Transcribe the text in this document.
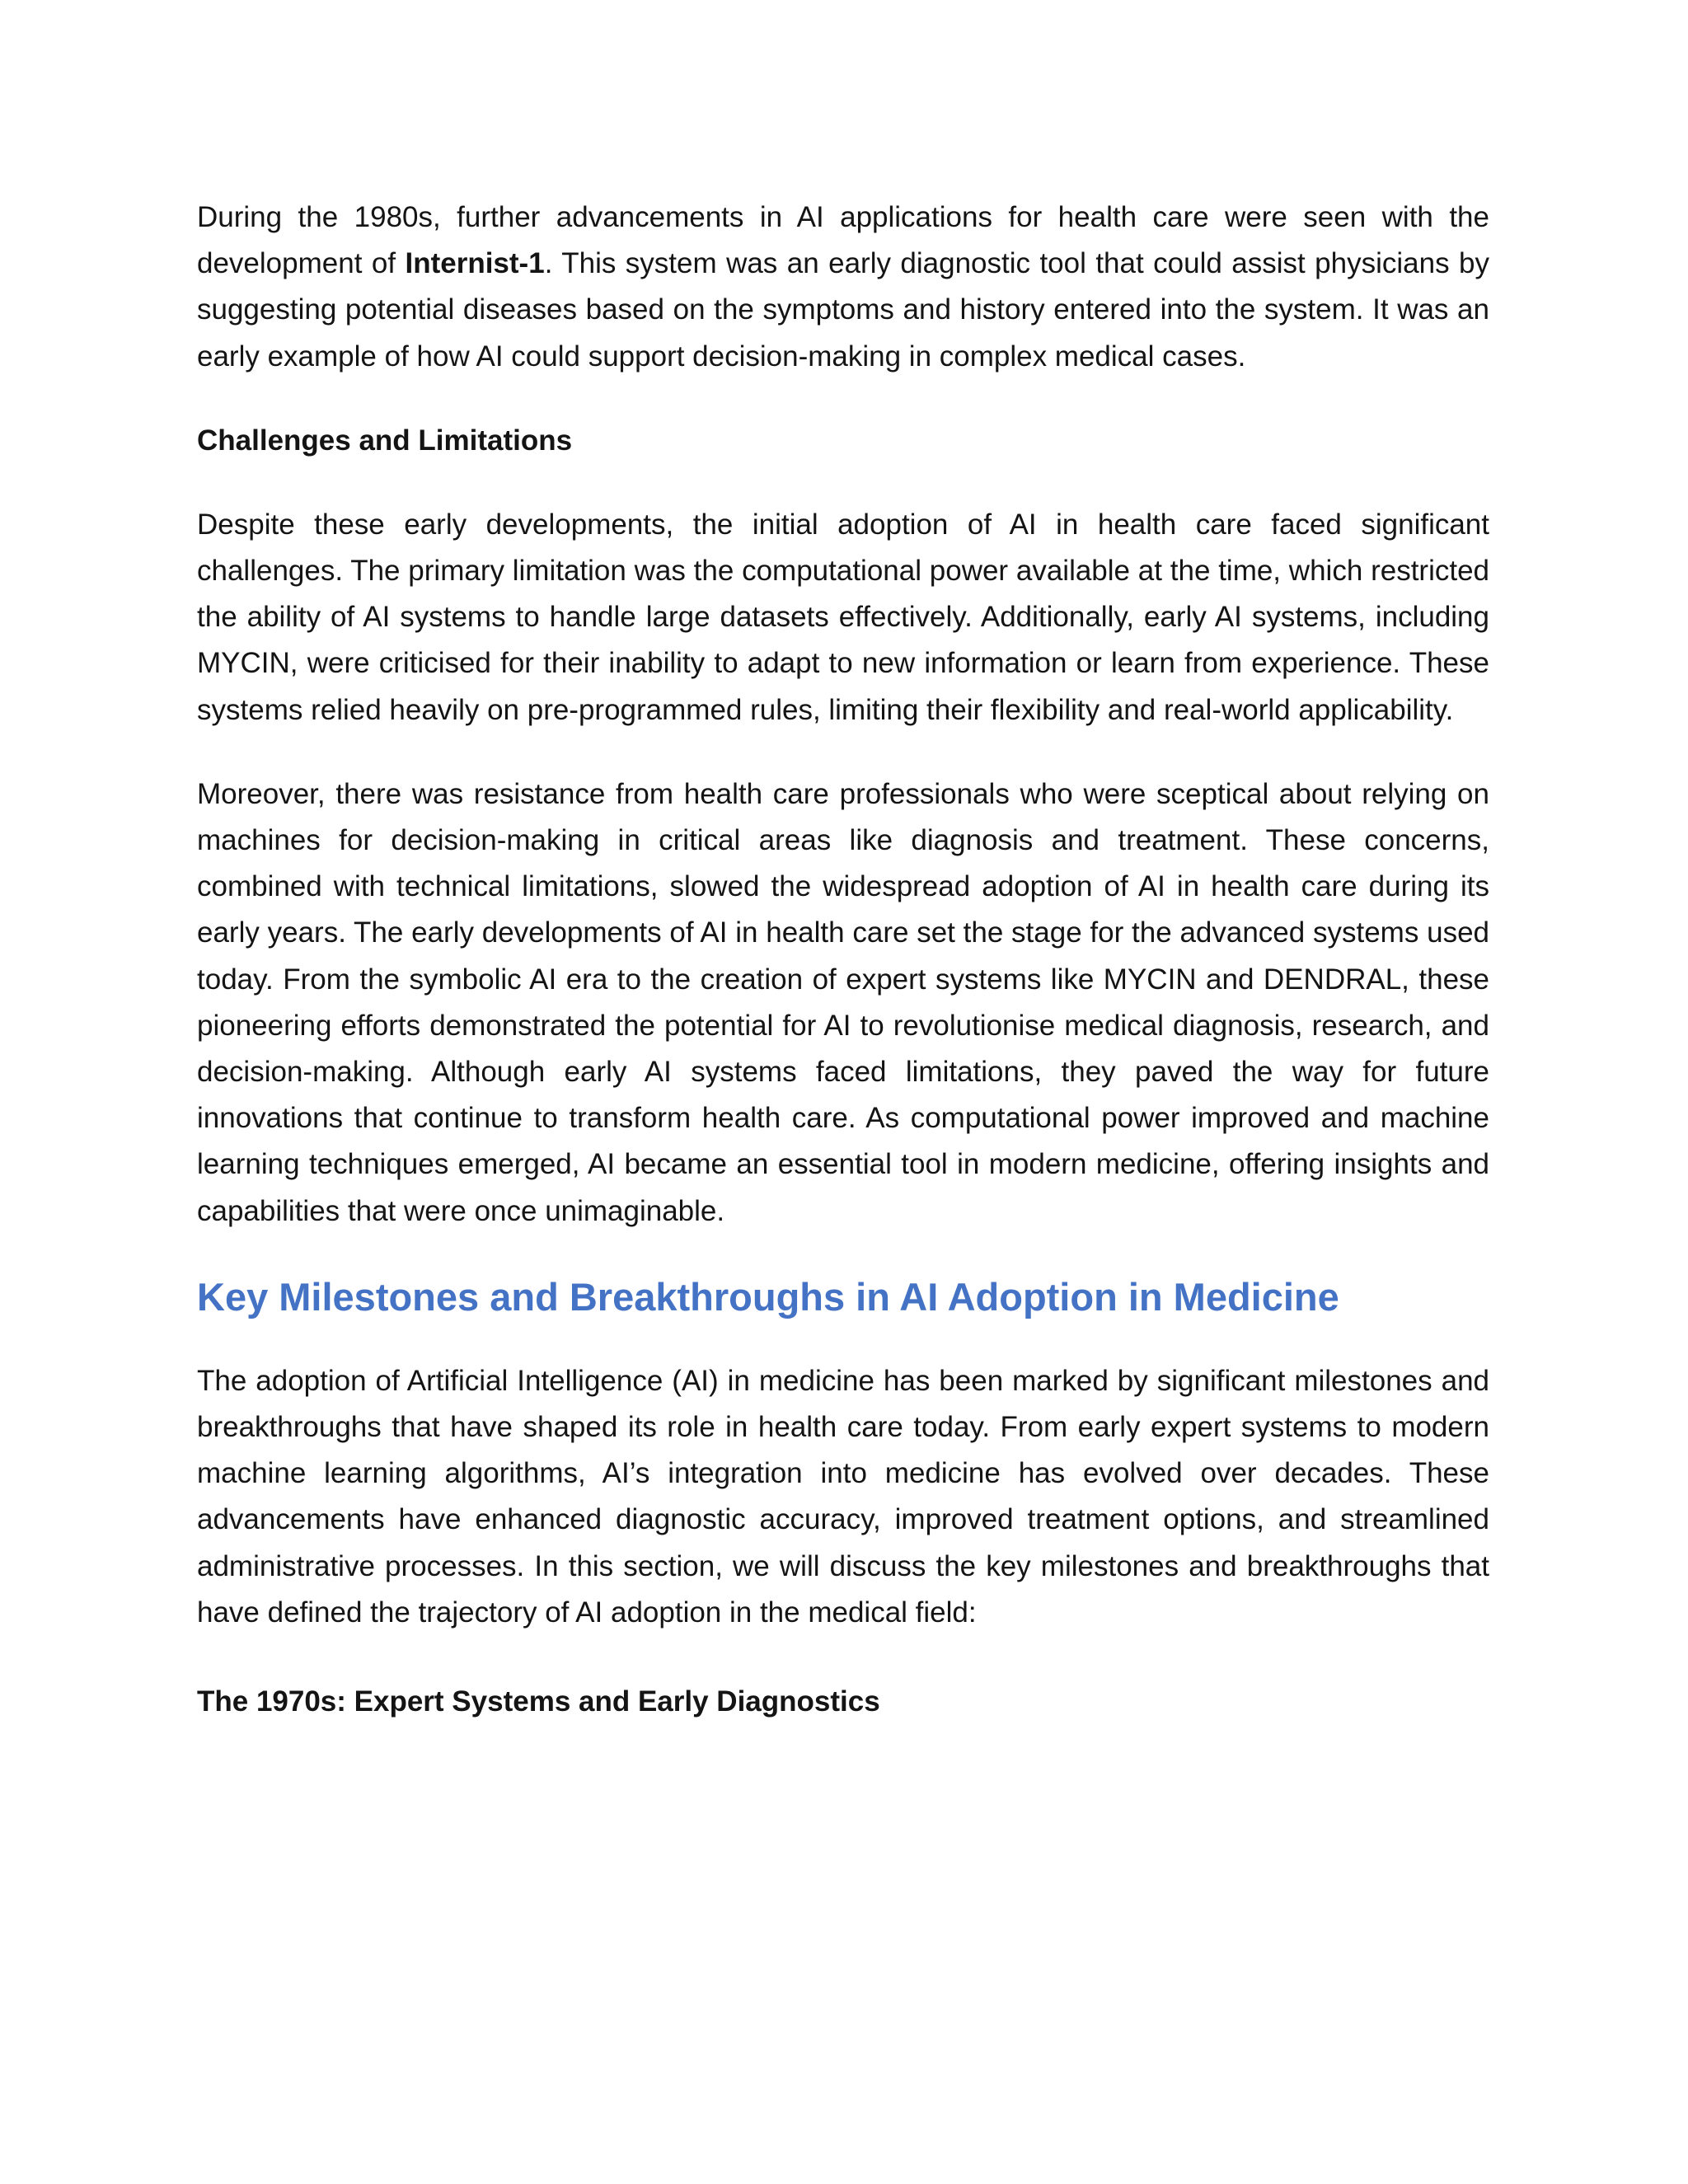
During the 1980s, further advancements in AI applications for health care were seen with the development of Internist-1. This system was an early diagnostic tool that could assist physicians by suggesting potential diseases based on the symptoms and history entered into the system. It was an early example of how AI could support decision-making in complex medical cases.

Challenges and Limitations

Despite these early developments, the initial adoption of AI in health care faced significant challenges. The primary limitation was the computational power available at the time, which restricted the ability of AI systems to handle large datasets effectively. Additionally, early AI systems, including MYCIN, were criticised for their inability to adapt to new information or learn from experience. These systems relied heavily on pre-programmed rules, limiting their flexibility and real-world applicability.

Moreover, there was resistance from health care professionals who were sceptical about relying on machines for decision-making in critical areas like diagnosis and treatment. These concerns, combined with technical limitations, slowed the widespread adoption of AI in health care during its early years. The early developments of AI in health care set the stage for the advanced systems used today. From the symbolic AI era to the creation of expert systems like MYCIN and DENDRAL, these pioneering efforts demonstrated the potential for AI to revolutionise medical diagnosis, research, and decision-making. Although early AI systems faced limitations, they paved the way for future innovations that continue to transform health care. As computational power improved and machine learning techniques emerged, AI became an essential tool in modern medicine, offering insights and capabilities that were once unimaginable.

Key Milestones and Breakthroughs in AI Adoption in Medicine

The adoption of Artificial Intelligence (AI) in medicine has been marked by significant milestones and breakthroughs that have shaped its role in health care today. From early expert systems to modern machine learning algorithms, AI’s integration into medicine has evolved over decades. These advancements have enhanced diagnostic accuracy, improved treatment options, and streamlined administrative processes. In this section, we will discuss the key milestones and breakthroughs that have defined the trajectory of AI adoption in the medical field:

The 1970s: Expert Systems and Early Diagnostics
